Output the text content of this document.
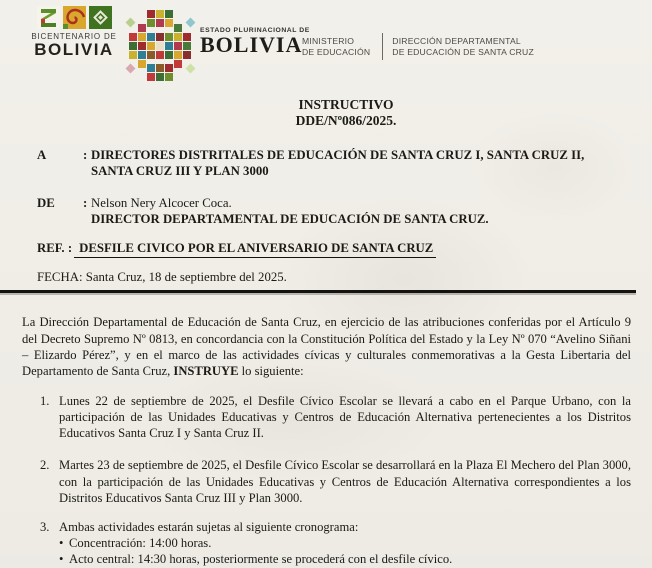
BICENTENARIO DE
BOLIVIA
ESTADO PLURINACIONAL DE
BOLIVIA MINISTERIO
DE EDUCACIÓN
DIRECCIÓN DEPARTAMENTAL
DE EDUCACIÓN DE SANTA CRUZ
INSTRUCTIVO
DDE/Nº086/2025.
A	: DIRECTORES DISTRITALES DE EDUCACIÓN DE SANTA CRUZ I, SANTA CRUZ II,
SANTA CRUZ III Y PLAN 3000
DE	: Nelson Nery Alcocer Coca.
DIRECTOR DEPARTAMENTAL DE EDUCACIÓN DE SANTA CRUZ.
REF. : DESFILE CIVICO POR EL ANIVERSARIO DE SANTA CRUZ
FECHA: Santa Cruz, 18 de septiembre del 2025.

La Dirección Departamental de Educación de Santa Cruz, en ejercicio de las atribuciones conferidas por el Artículo 9 del Decreto Supremo Nº 0813, en concordancia con la Constitución Política del Estado y la Ley Nº 070 “Avelino Siñani – Elizardo Pérez”, y en el marco de las actividades cívicas y culturales conmemorativas a la Gesta Libertaria del Departamento de Santa Cruz, INSTRUYE lo siguiente:

1. Lunes 22 de septiembre de 2025, el Desfile Cívico Escolar se llevará a cabo en el Parque Urbano, con la participación de las Unidades Educativas y Centros de Educación Alternativa pertenecientes a los Distritos Educativos Santa Cruz I y Santa Cruz II.
2. Martes 23 de septiembre de 2025, el Desfile Cívico Escolar se desarrollará en la Plaza El Mechero del Plan 3000, con la participación de las Unidades Educativas y Centros de Educación Alternativa correspondientes a los Distritos Educativos Santa Cruz III y Plan 3000.
3. Ambas actividades estarán sujetas al siguiente cronograma:
• Concentración: 14:00 horas.
• Acto central: 14:30 horas, posteriormente se procederá con el desfile cívico.
